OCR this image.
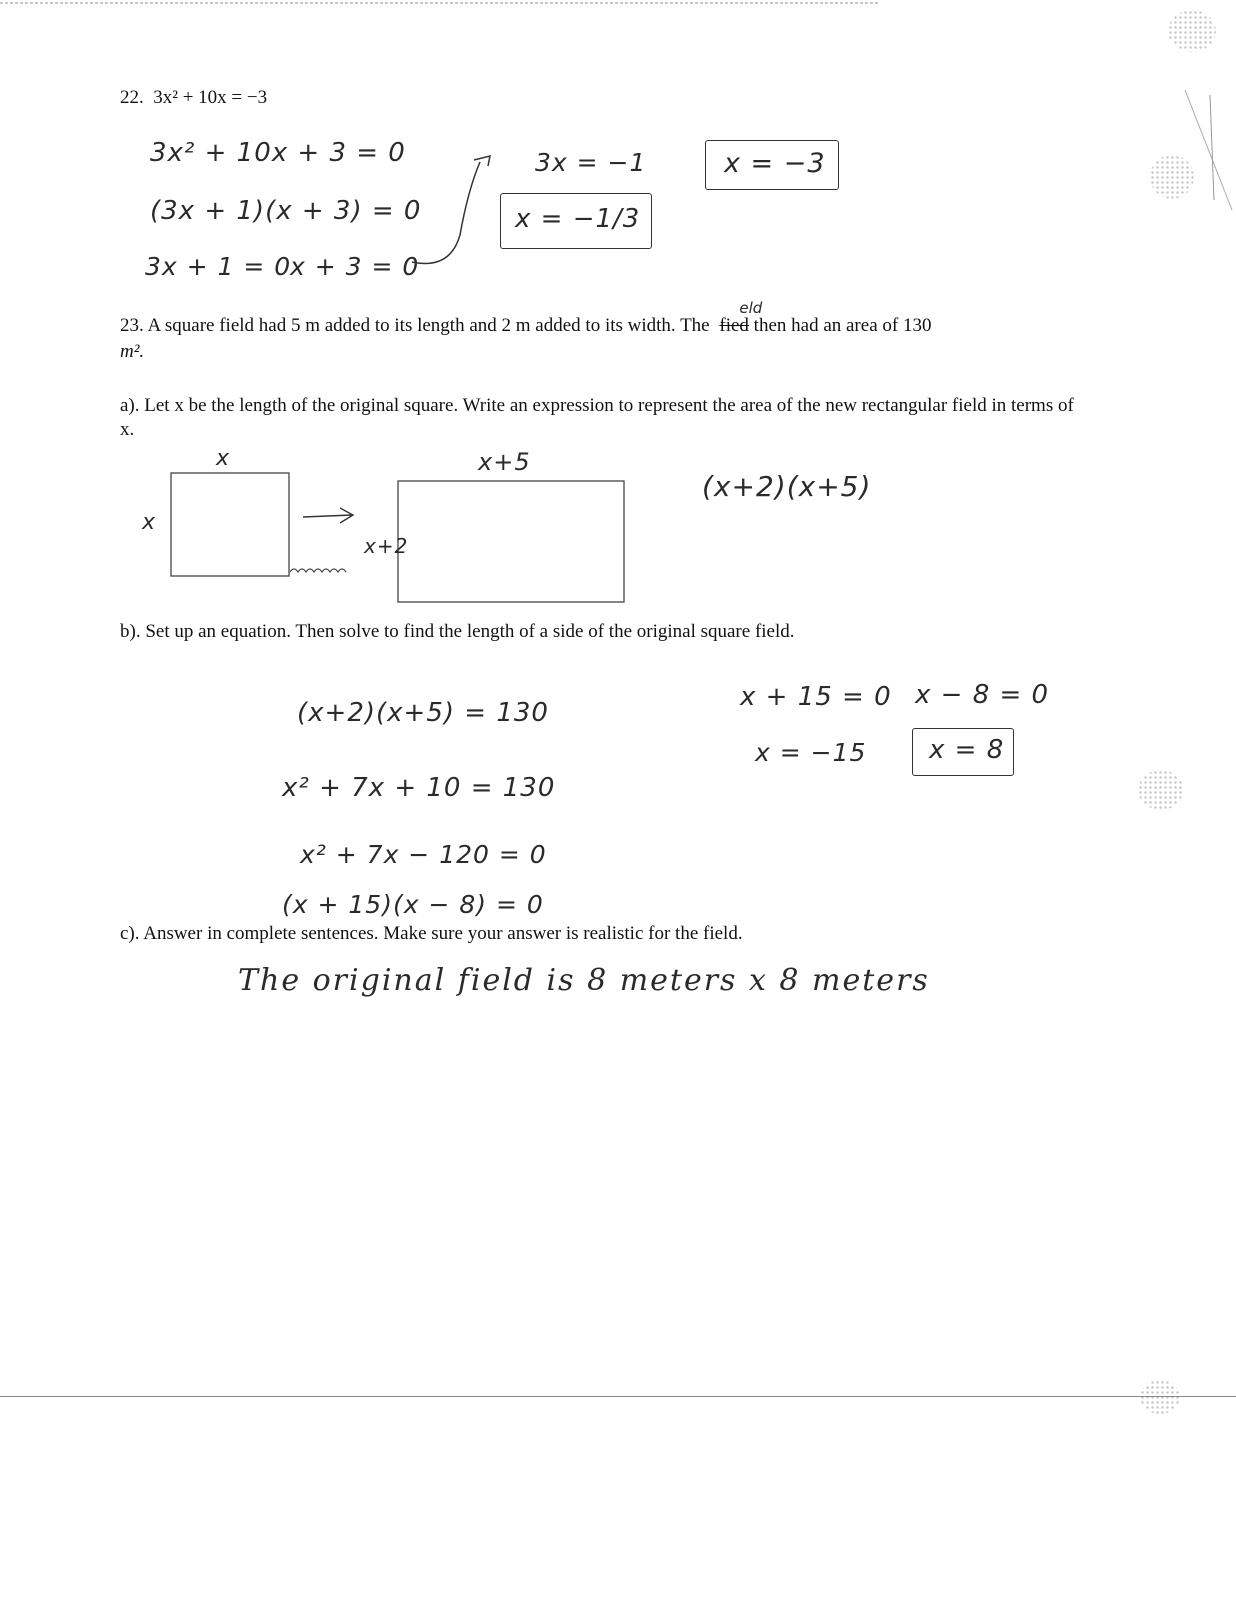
22. 3x² + 10x = −3
3x² + 10x + 3 = 0
(3x + 1)(x + 3) = 0
3x + 1 = 0
x + 3 = 0
3x = −1
x = −1/3
x = −3
23. A square field had 5 m added to its length and 2 m added to its width. The fied
eld
then had an area of 130
m².
a). Let x be the length of the original square. Write an expression to represent the area of the new rectangular field in terms of x.
x
x
x+5
x+2
(x+2)(x+5)
b). Set up an equation. Then solve to find the length of a side of the original square field.
(x+2)(x+5) = 130
x² + 7x + 10 = 130
x² + 7x − 120 = 0
(x + 15)(x − 8) = 0
x + 15 = 0
x = −15
x − 8 = 0
x = 8
c). Answer in complete sentences. Make sure your answer is realistic for the field.
The original field is 8 meters x 8 meters
